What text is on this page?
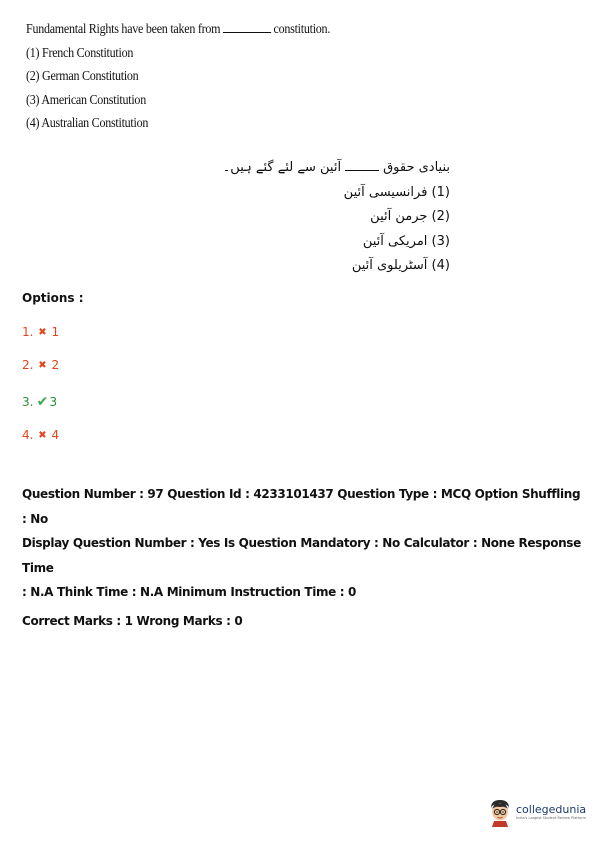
Fundamental Rights have been taken from	constitution.
(1) French Constitution
(2) German Constitution
(3) American Constitution
(4) Australian Constitution
بنیادی حقوقآئین سے لئے گئے ہیں۔
(1) فرانسیسی آئین
(2) جرمن آئین
(3) امریکی آئین
(4) آسٹریلوی آئین
Options :
1. ✖ 1
2. ✖ 2
3. ✔ 3
4. ✖ 4
Question Number : 97 Question Id : 4233101437 Question Type : MCQ Option Shuffling : No
Display Question Number : Yes Is Question Mandatory : No Calculator : None Response Time
: N.A Think Time : N.A Minimum Instruction Time : 0
Correct Marks : 1 Wrong Marks : 0
collegedunia
India's Largest Student Review Platform
